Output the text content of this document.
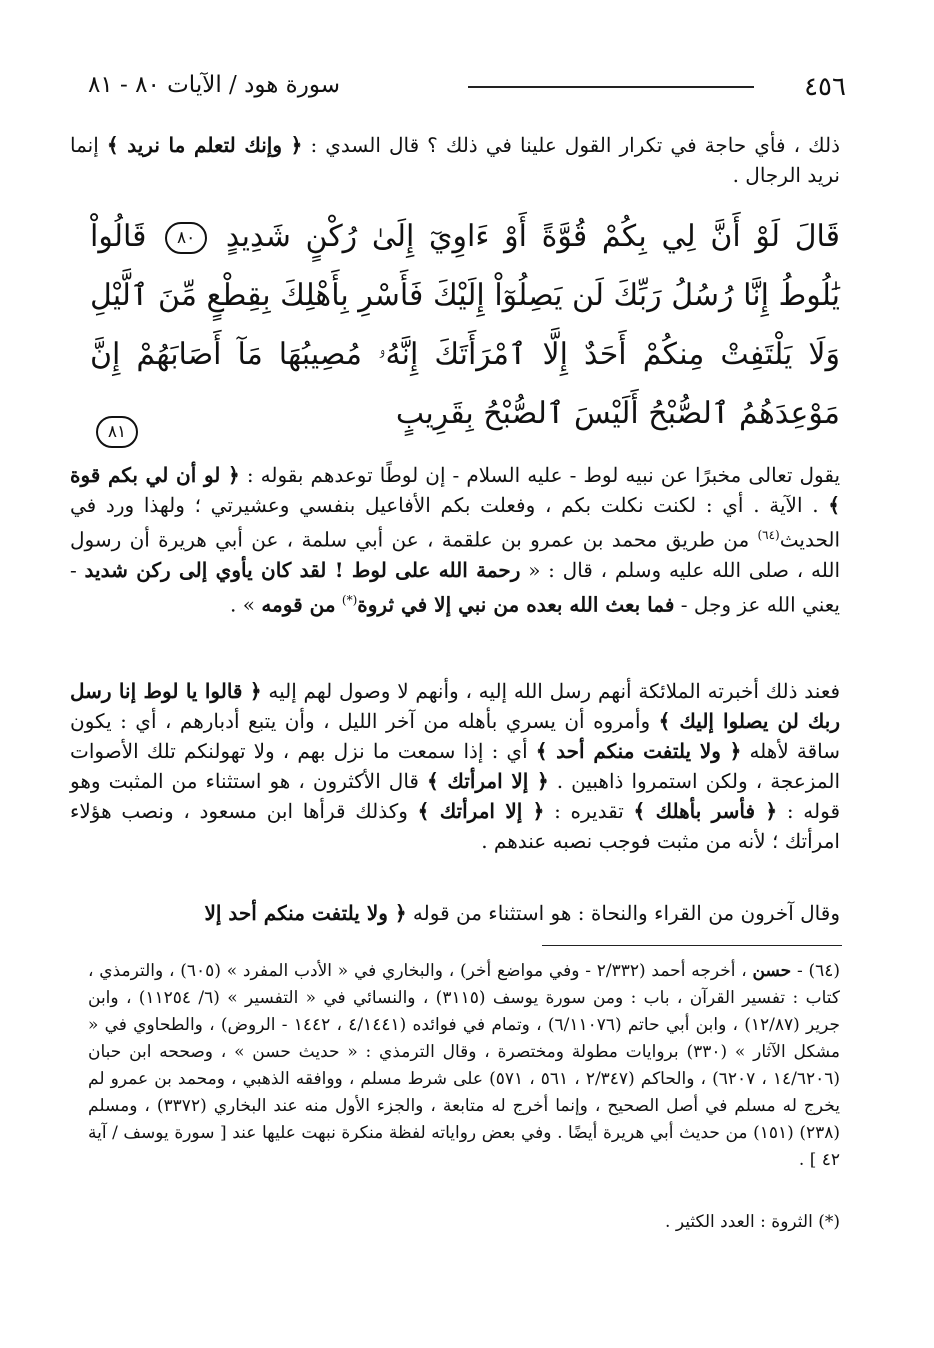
٤٥٦
سورة هود / الآيات ٨٠ - ٨١
ذلك ، فأي حاجة في تكرار القول علينا في ذلك ؟ قال السدي : ﴿ وإنك لتعلم ما نريد ﴾ إنما نريد الرجال .
قَالَ لَوْ أَنَّ لِي بِكُمْ قُوَّةً أَوْ ءَاوِيٓ إِلَىٰ رُكْنٍ شَدِيدٍ ٨٠ قَالُواْ يَٰلُوطُ إِنَّا رُسُلُ رَبِّكَ لَن يَصِلُوٓاْ إِلَيْكَ فَأَسْرِ بِأَهْلِكَ بِقِطْعٍ مِّنَ ٱلَّيْلِ وَلَا يَلْتَفِتْ مِنكُمْ أَحَدٌ إِلَّا ٱمْرَأَتَكَ إِنَّهُۥ مُصِيبُهَا مَآ أَصَابَهُمْ إِنَّ مَوْعِدَهُمُ ٱلصُّبْحُ أَلَيْسَ ٱلصُّبْحُ بِقَرِيبٍ
٨١
يقول تعالى مخبرًا عن نبيه لوط - عليه السلام - إن لوطًا توعدهم بقوله : ﴿ لو أن لي بكم قوة ﴾ . الآية . أي : لكنت نكلت بكم ، وفعلت بكم الأفاعيل بنفسي وعشيرتي ؛ ولهذا ورد في الحديث$^{(٦٤)}$ من طريق محمد بن عمرو بن علقمة ، عن أبي سلمة ، عن أبي هريرة أن رسول الله ، صلى الله عليه وسلم ، قال : « رحمة الله على لوط ! لقد كان يأوي إلى ركن شديد - يعني الله عز وجل - فما بعث الله بعده من نبي إلا في ثروة(*) من قومه » .
فعند ذلك أخبرته الملائكة أنهم رسل الله إليه ، وأنهم لا وصول لهم إليه ﴿ قالوا يا لوط إنا رسل ربك لن يصلوا إليك ﴾ وأمروه أن يسري بأهله من آخر الليل ، وأن يتبع أدبارهم ، أي : يكون ساقة لأهله ﴿ ولا يلتفت منكم أحد ﴾ أي : إذا سمعت ما نزل بهم ، ولا تهولنكم تلك الأصوات المزعجة ، ولكن استمروا ذاهبين . ﴿ إلا امرأتك ﴾ قال الأكثرون ، هو استثناء من المثبت وهو قوله : ﴿ فأسر بأهلك ﴾ تقديره : ﴿ إلا امرأتك ﴾ وكذلك قرأها ابن مسعود ، ونصب هؤلاء امرأتك ؛ لأنه من مثبت فوجب نصبه عندهم .
وقال آخرون من القراء والنحاة : هو استثناء من قوله ﴿ ولا يلتفت منكم أحد إلا
(٦٤) - حسن ، أخرجه أحمد (٢/٣٣٢ - وفي مواضع أخر) ، والبخاري في « الأدب المفرد » (٦٠٥) ، والترمذي ، كتاب : تفسير القرآن ، باب : ومن سورة يوسف (٣١١٥) ، والنسائي في « التفسير » (٦/ ١١٢٥٤) ، وابن جرير (١٢/٨٧) ، وابن أبي حاتم (٦/١١٠٧٦) ، وتمام في فوائده (٤/١٤٤١ ، ١٤٤٢ - الروض) ، والطحاوي في « مشكل الآثار » (٣٣٠) بروايات مطولة ومختصرة ، وقال الترمذي : « حديث حسن » ، وصححه ابن حبان (١٤/٦٢٠٦ ، ٦٢٠٧) ، والحاكم (٢/٣٤٧ ، ٥٦١ ، ٥٧١) على شرط مسلم ، ووافقه الذهبي ، ومحمد بن عمرو لم يخرج له مسلم في أصل الصحيح ، وإنما أخرج له متابعة ، والجزء الأول منه عند البخاري (٣٣٧٢) ، ومسلم (٢٣٨) (١٥١) من حديث أبي هريرة أيضًا . وفي بعض رواياته لفظة منكرة نبهت عليها عند [ سورة يوسف / آية ٤٢ ] .
(*) الثروة : العدد الكثير .
